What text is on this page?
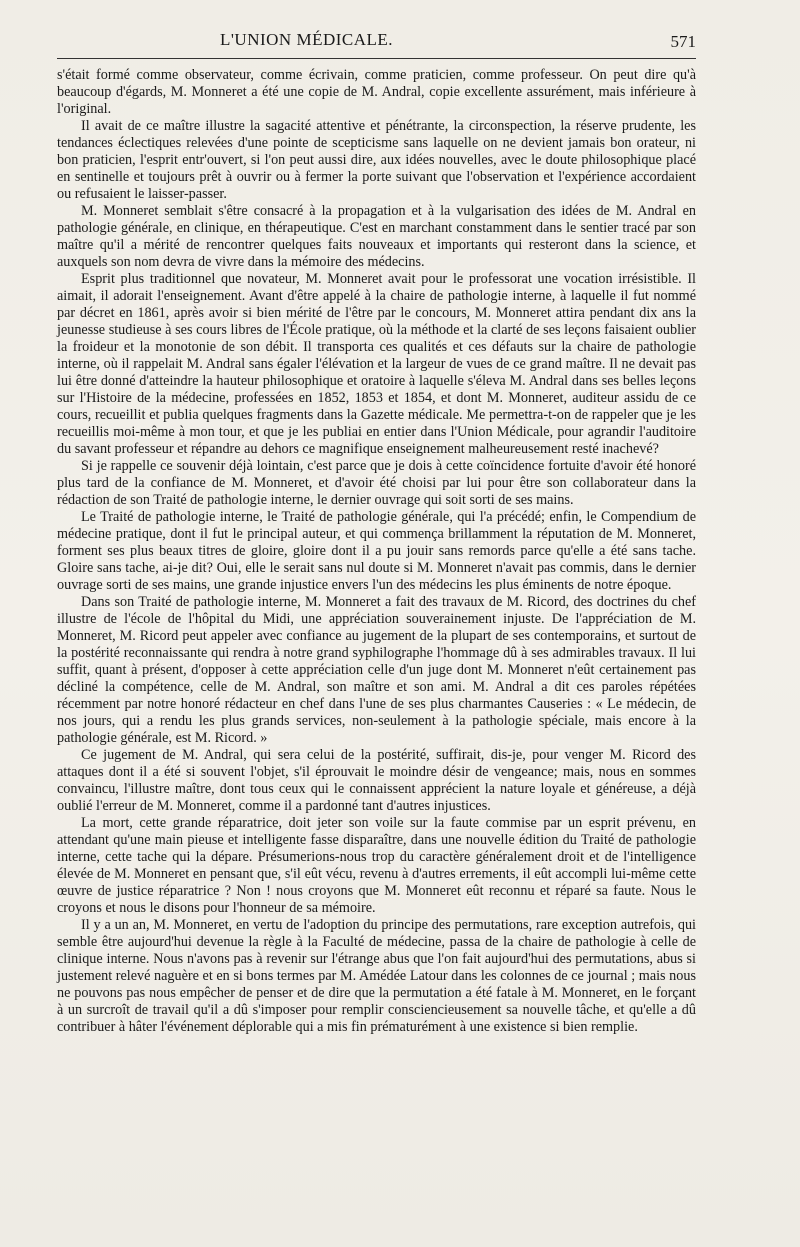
L'UNION MÉDICALE.	571

s'était formé comme observateur, comme écrivain, comme praticien, comme professeur. On peut dire qu'à beaucoup d'égards, M. Monneret a été une copie de M. Andral, copie excellente assurément, mais inférieure à l'original.

Il avait de ce maître illustre la sagacité attentive et pénétrante, la circonspection, la réserve prudente, les tendances éclectiques relevées d'une pointe de scepticisme sans laquelle on ne devient jamais bon orateur, ni bon praticien, l'esprit entr'ouvert, si l'on peut aussi dire, aux idées nouvelles, avec le doute philosophique placé en sentinelle et toujours prêt à ouvrir ou à fermer la porte suivant que l'observation et l'expérience accordaient ou refusaient le laisser-passer.

M. Monneret semblait s'être consacré à la propagation et à la vulgarisation des idées de M. Andral en pathologie générale, en clinique, en thérapeutique. C'est en marchant constamment dans le sentier tracé par son maître qu'il a mérité de rencontrer quelques faits nouveaux et importants qui resteront dans la science, et auxquels son nom devra de vivre dans la mémoire des médecins.

Esprit plus traditionnel que novateur, M. Monneret avait pour le professorat une vocation irrésistible. Il aimait, il adorait l'enseignement. Avant d'être appelé à la chaire de pathologie interne, à laquelle il fut nommé par décret en 1861, après avoir si bien mérité de l'être par le concours, M. Monneret attira pendant dix ans la jeunesse studieuse à ses cours libres de l'École pratique, où la méthode et la clarté de ses leçons faisaient oublier la froideur et la monotonie de son débit. Il transporta ces qualités et ces défauts sur la chaire de pathologie interne, où il rappelait M. Andral sans égaler l'élévation et la largeur de vues de ce grand maître. Il ne devait pas lui être donné d'atteindre la hauteur philosophique et oratoire à laquelle s'éleva M. Andral dans ses belles leçons sur l'Histoire de la médecine, professées en 1852, 1853 et 1854, et dont M. Monneret, auditeur assidu de ce cours, recueillit et publia quelques fragments dans la Gazette médicale. Me permettra-t-on de rappeler que je les recueillis moi-même à mon tour, et que je les publiai en entier dans l'Union Médicale, pour agrandir l'auditoire du savant professeur et répandre au dehors ce magnifique enseignement malheureusement resté inachevé?

Si je rappelle ce souvenir déjà lointain, c'est parce que je dois à cette coïncidence fortuite d'avoir été honoré plus tard de la confiance de M. Monneret, et d'avoir été choisi par lui pour être son collaborateur dans la rédaction de son Traité de pathologie interne, le dernier ouvrage qui soit sorti de ses mains.

Le Traité de pathologie interne, le Traité de pathologie générale, qui l'a précédé; enfin, le Compendium de médecine pratique, dont il fut le principal auteur, et qui commença brillamment la réputation de M. Monneret, forment ses plus beaux titres de gloire, gloire dont il a pu jouir sans remords parce qu'elle a été sans tache. Gloire sans tache, ai-je dit? Oui, elle le serait sans nul doute si M. Monneret n'avait pas commis, dans le dernier ouvrage sorti de ses mains, une grande injustice envers l'un des médecins les plus éminents de notre époque.

Dans son Traité de pathologie interne, M. Monneret a fait des travaux de M. Ricord, des doctrines du chef illustre de l'école de l'hôpital du Midi, une appréciation souverainement injuste. De l'appréciation de M. Monneret, M. Ricord peut appeler avec confiance au jugement de la plupart de ses contemporains, et surtout de la postérité reconnaissante qui rendra à notre grand syphilographe l'hommage dû à ses admirables travaux. Il lui suffit, quant à présent, d'opposer à cette appréciation celle d'un juge dont M. Monneret n'eût certainement pas décliné la compétence, celle de M. Andral, son maître et son ami. M. Andral a dit ces paroles répétées récemment par notre honoré rédacteur en chef dans l'une de ses plus charmantes Causeries : « Le médecin, de nos jours, qui a rendu les plus grands services, non-seulement à la pathologie spéciale, mais encore à la pathologie générale, est M. Ricord. »

Ce jugement de M. Andral, qui sera celui de la postérité, suffirait, dis-je, pour venger M. Ricord des attaques dont il a été si souvent l'objet, s'il éprouvait le moindre désir de vengeance; mais, nous en sommes convaincu, l'illustre maître, dont tous ceux qui le connaissent apprécient la nature loyale et généreuse, a déjà oublié l'erreur de M. Monneret, comme il a pardonné tant d'autres injustices.

La mort, cette grande réparatrice, doit jeter son voile sur la faute commise par un esprit prévenu, en attendant qu'une main pieuse et intelligente fasse disparaître, dans une nouvelle édition du Traité de pathologie interne, cette tache qui la dépare. Présumerions-nous trop du caractère généralement droit et de l'intelligence élevée de M. Monneret en pensant que, s'il eût vécu, revenu à d'autres errements, il eût accompli lui-même cette œuvre de justice réparatrice ? Non ! nous croyons que M. Monneret eût reconnu et réparé sa faute. Nous le croyons et nous le disons pour l'honneur de sa mémoire.

Il y a un an, M. Monneret, en vertu de l'adoption du principe des permutations, rare exception autrefois, qui semble être aujourd'hui devenue la règle à la Faculté de médecine, passa de la chaire de pathologie à celle de clinique interne. Nous n'avons pas à revenir sur l'étrange abus que l'on fait aujourd'hui des permutations, abus si justement relevé naguère et en si bons termes par M. Amédée Latour dans les colonnes de ce journal ; mais nous ne pouvons pas nous empêcher de penser et de dire que la permutation a été fatale à M. Monneret, en le forçant à un surcroît de travail qu'il a dû s'imposer pour remplir consciencieusement sa nouvelle tâche, et qu'elle a dû contribuer à hâter l'événement déplorable qui a mis fin prématurément à une existence si bien remplie.
